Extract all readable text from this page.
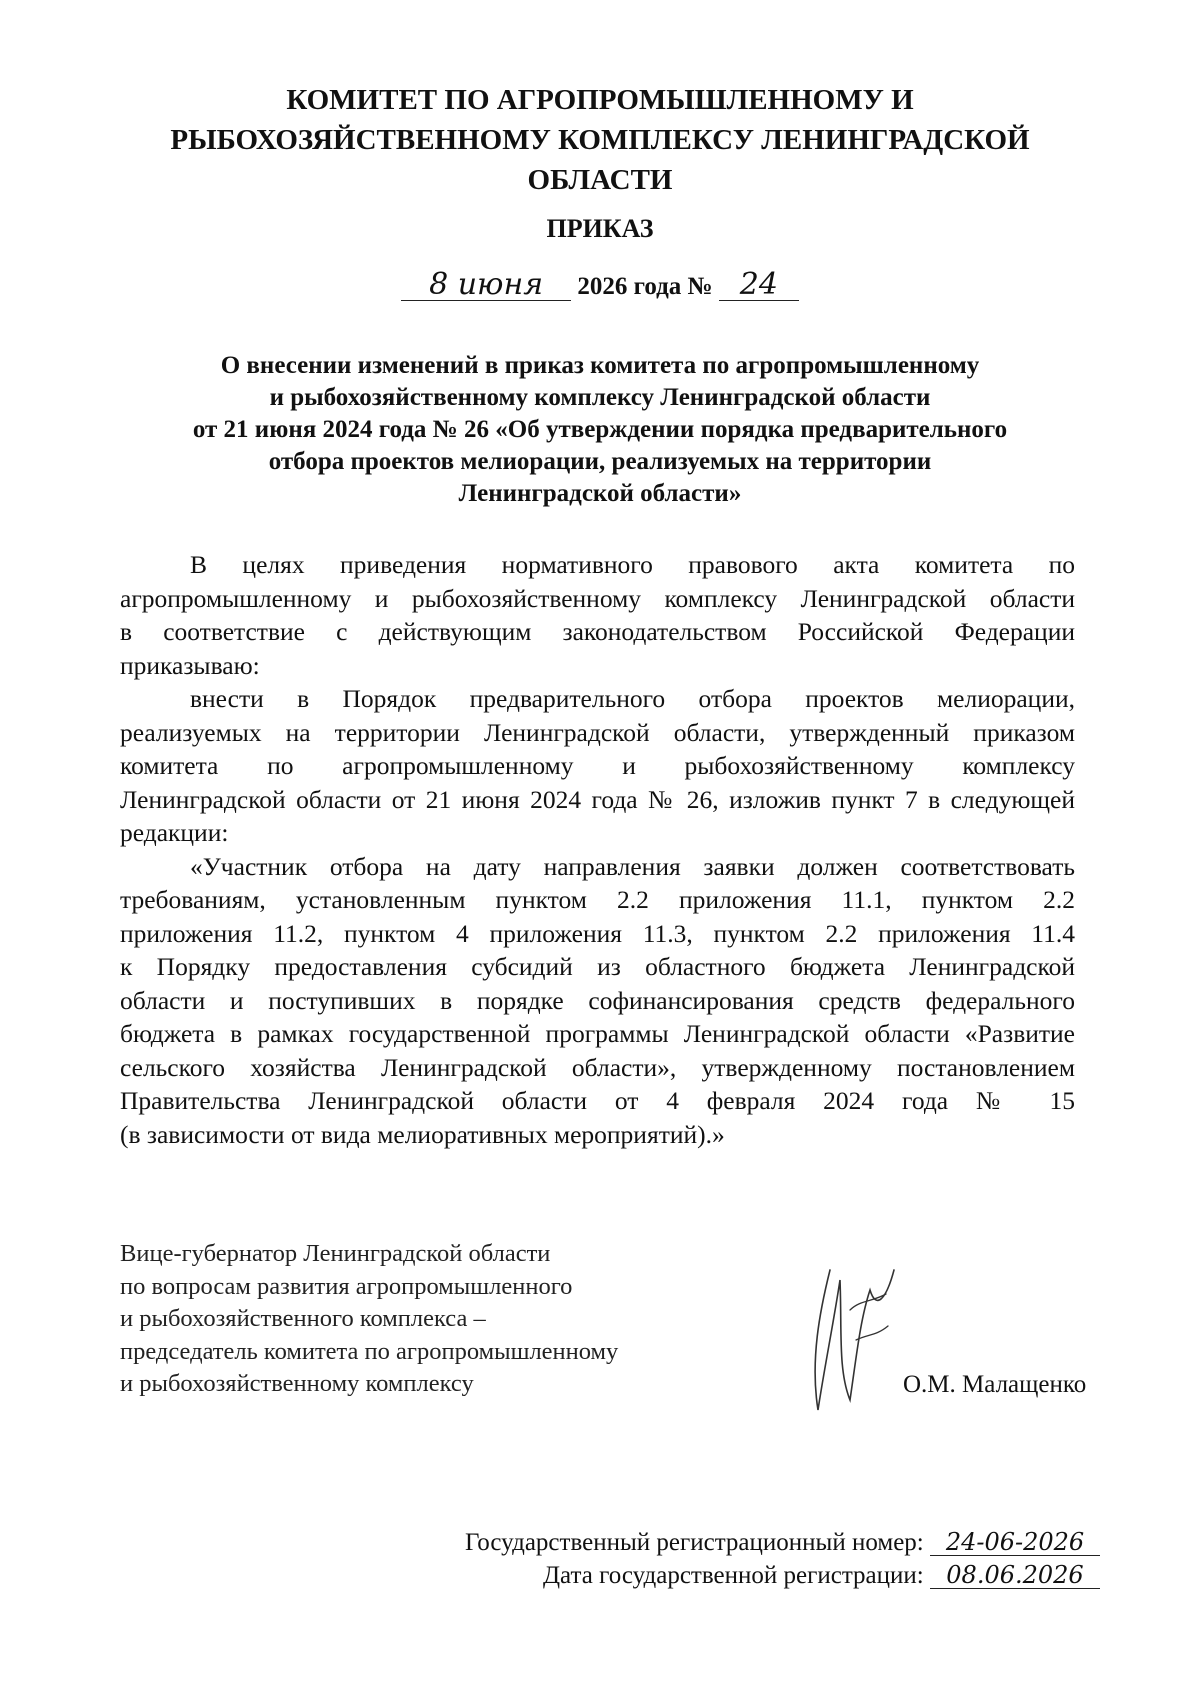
КОМИТЕТ ПО АГРОПРОМЫШЛЕННОМУ И
РЫБОХОЗЯЙСТВЕННОМУ КОМПЛЕКСУ ЛЕНИНГРАДСКОЙ
ОБЛАСТИ
ПРИКАЗ
8 июня 2026 года № 24
О внесении изменений в приказ комитета по агропромышленному
и рыбохозяйственному комплексу Ленинградской области
от 21 июня 2024 года № 26 «Об утверждении порядка предварительного
отбора проектов мелиорации, реализуемых на территории
Ленинградской области»
В целях приведения нормативного правового акта комитета по
агропромышленному и рыбохозяйственному комплексу Ленинградской области
в соответствие с действующим законодательством Российской Федерации
приказываю:
внести в Порядок предварительного отбора проектов мелиорации,
реализуемых на территории Ленинградской области, утвержденный приказом
комитета по агропромышленному и рыбохозяйственному комплексу
Ленинградской области от 21 июня 2024 года № 26, изложив пункт 7 в следующей
редакции:
«Участник отбора на дату направления заявки должен соответствовать
требованиям, установленным пунктом 2.2 приложения 11.1, пунктом 2.2
приложения 11.2, пунктом 4 приложения 11.3, пунктом 2.2 приложения 11.4
к Порядку предоставления субсидий из областного бюджета Ленинградской
области и поступивших в порядке софинансирования средств федерального
бюджета в рамках государственной программы Ленинградской области «Развитие
сельского хозяйства Ленинградской области», утвержденному постановлением
Правительства Ленинградской области от 4 февраля 2024 года № 15
(в зависимости от вида мелиоративных мероприятий).»
Вице-губернатор Ленинградской области
по вопросам развития агропромышленного
и рыбохозяйственного комплекса –
председатель комитета по агропромышленному
и рыбохозяйственному комплексу	О.М. Малащенко
Государственный регистрационный номер: 24-06-2026
Дата государственной регистрации: 08.06.2026
